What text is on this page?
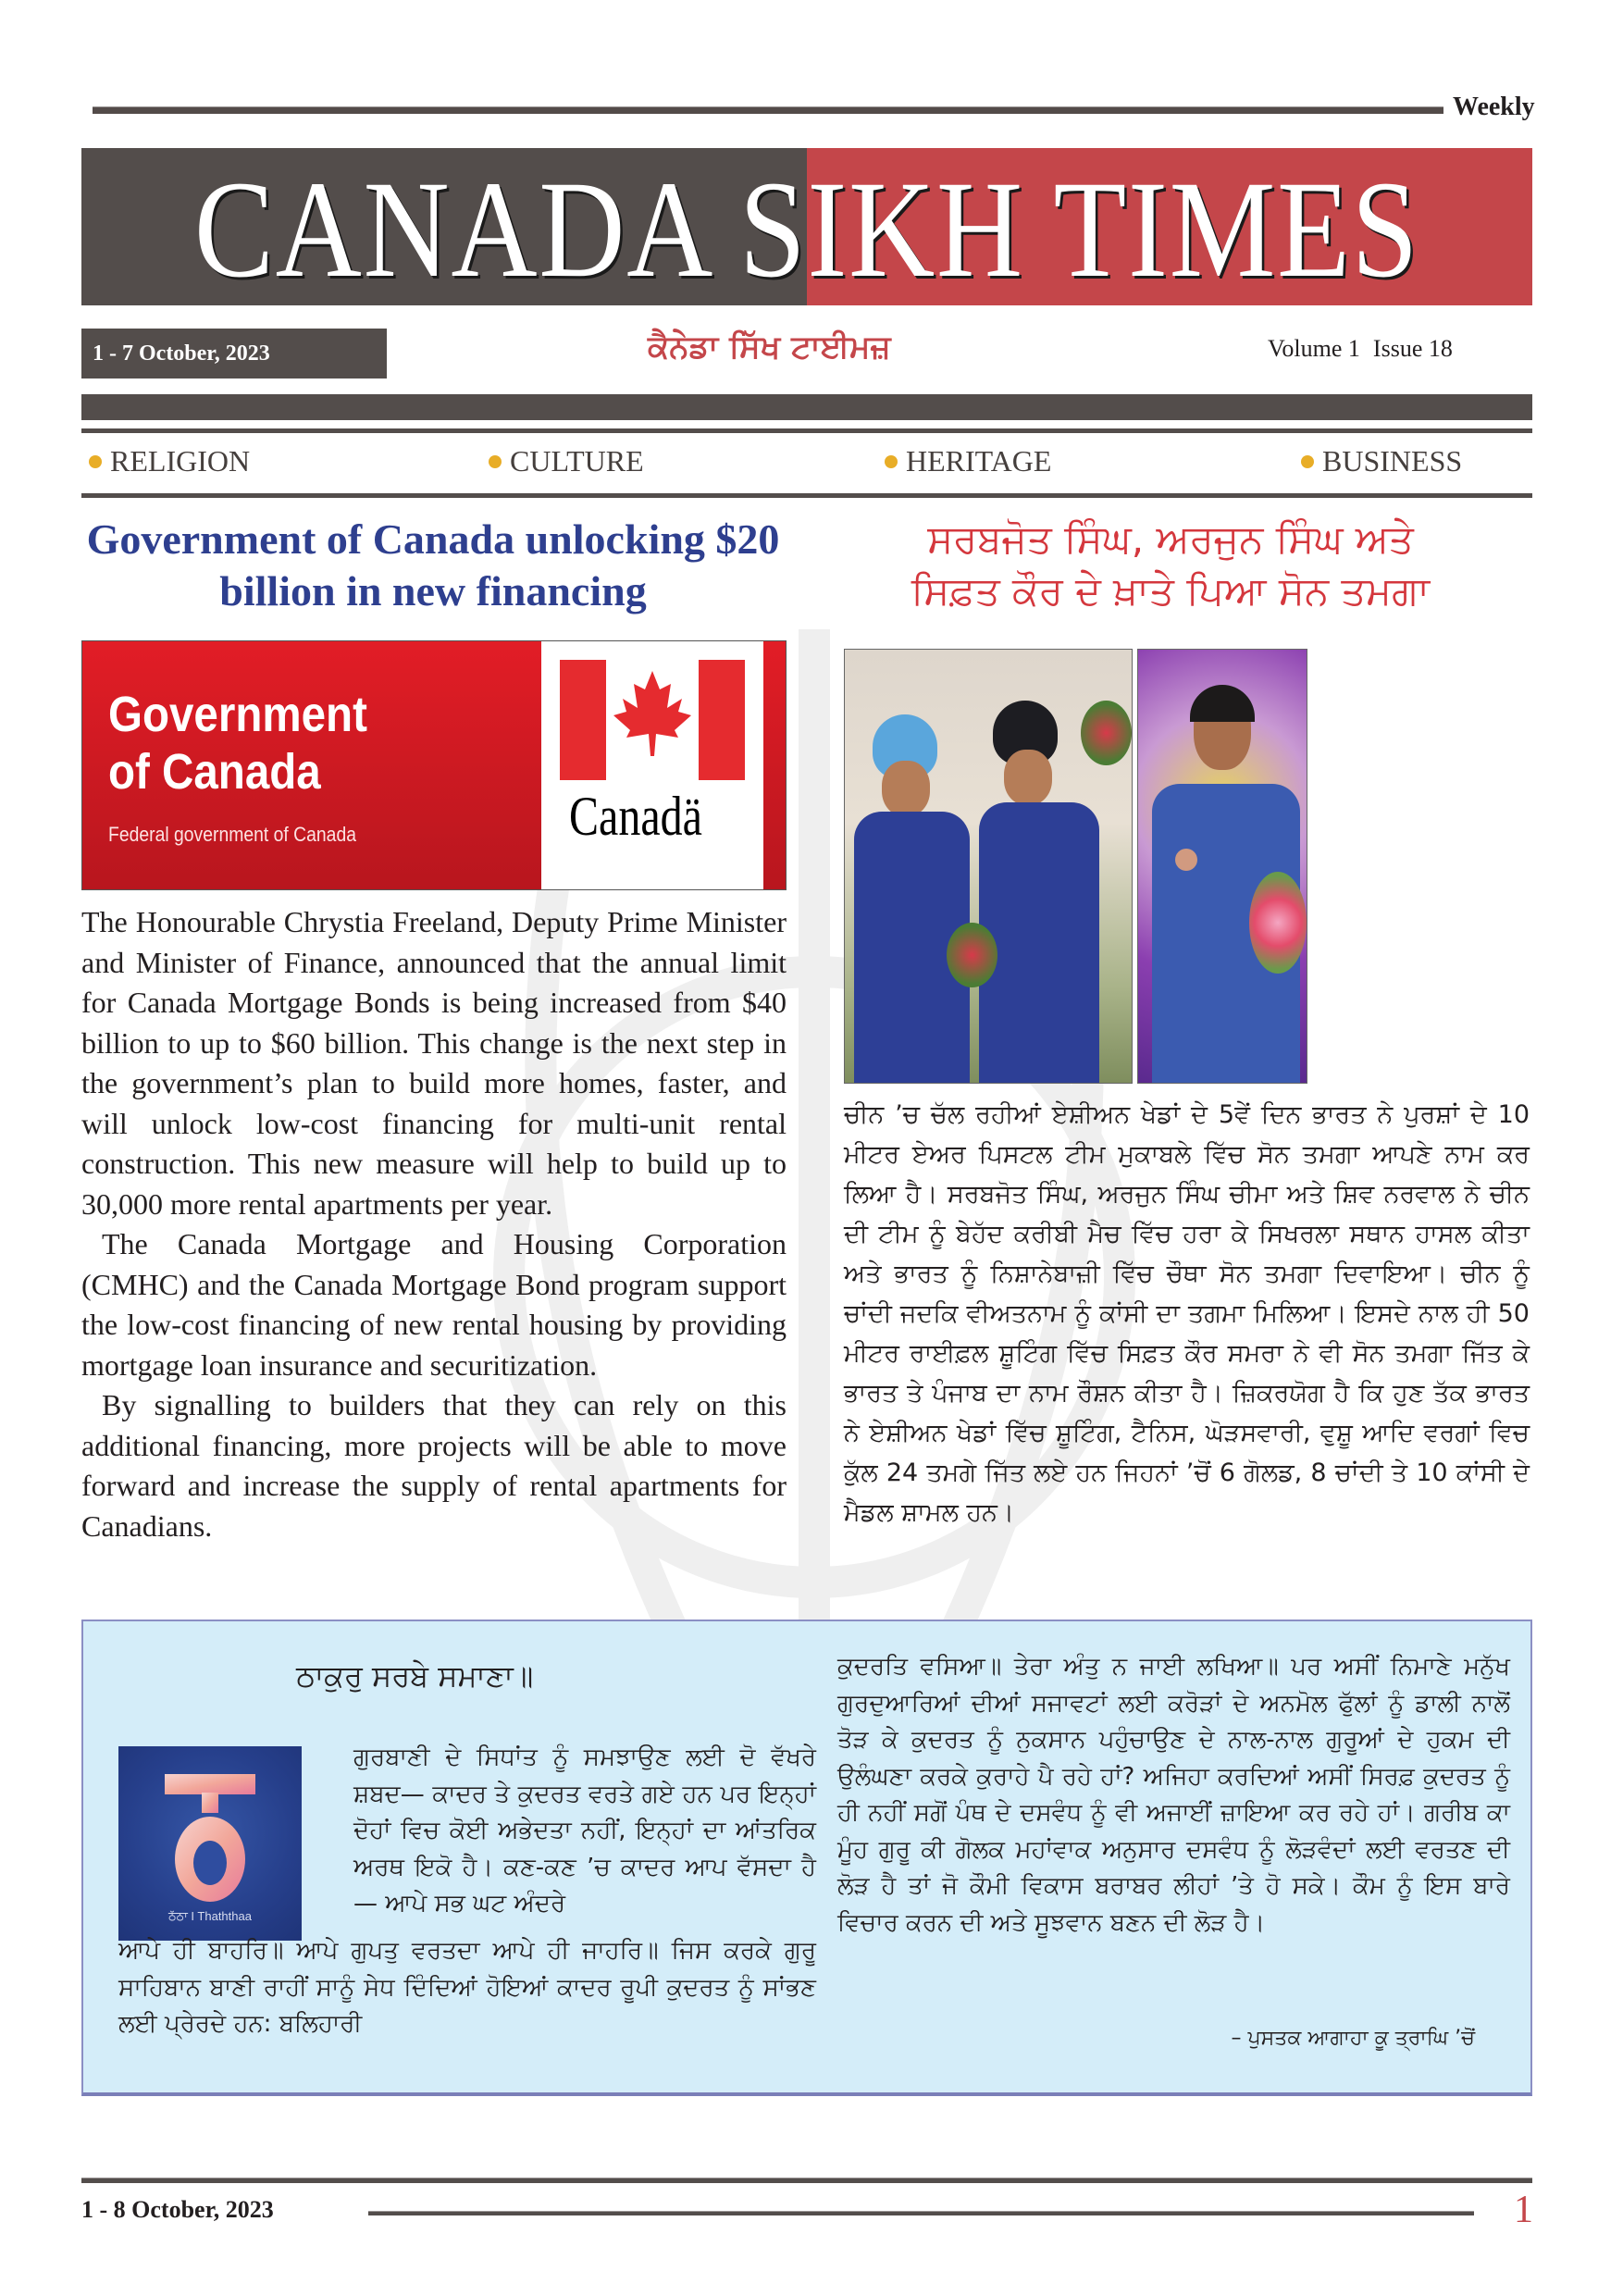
Weekly
CANADA SIKH TIMES
1 - 7 October, 2023	ਕੈਨੇਡਾ ਸਿੱਖ ਟਾਈਮਜ਼	Volume 1 Issue 18
RELIGION	CULTURE	HERITAGE	BUSINESS
Government of Canada unlocking $20 billion in new financing
Government of Canada
Federal government of Canada	Canadä

The Honourable Chrystia Freeland, Deputy Prime Minister and Minister of Finance, announced that the annual limit for Canada Mortgage Bonds is being increased from $40 billion to up to $60 billion. This change is the next step in the government’s plan to build more homes, faster, and will unlock low-cost financing for multi-unit rental construction. This new measure will help to build up to 30,000 more rental apartments per year.

The Canada Mortgage and Housing Corporation (CMHC) and the Canada Mortgage Bond program support the low-cost financing of new rental housing by providing mortgage loan insurance and securitization.

By signalling to builders that they can rely on this additional financing, more projects will be able to move forward and increase the supply of rental apartments for Canadians.

ਸਰਬਜੋਤ ਸਿੰਘ, ਅਰਜੁਨ ਸਿੰਘ ਅਤੇ
ਸਿਫ਼ਤ ਕੌਰ ਦੇ ਖ਼ਾਤੇ ਪਿਆ ਸੋਨ ਤਮਗਾ
ਚੀਨ ’ਚ ਚੱਲ ਰਹੀਆਂ ਏਸ਼ੀਅਨ ਖੇਡਾਂ ਦੇ 5ਵੇਂ ਦਿਨ ਭਾਰਤ ਨੇ ਪੁਰਸ਼ਾਂ ਦੇ 10 ਮੀਟਰ ਏਅਰ ਪਿਸਟਲ ਟੀਮ ਮੁਕਾਬਲੇ ਵਿੱਚ ਸੋਨ ਤਮਗਾ ਆਪਣੇ ਨਾਮ ਕਰ ਲਿਆ ਹੈ। ਸਰਬਜੋਤ ਸਿੰਘ, ਅਰਜੁਨ ਸਿੰਘ ਚੀਮਾ ਅਤੇ ਸ਼ਿਵ ਨਰਵਾਲ ਨੇ ਚੀਨ ਦੀ ਟੀਮ ਨੂੰ ਬੇਹੱਦ ਕਰੀਬੀ ਮੈਚ ਵਿੱਚ ਹਰਾ ਕੇ ਸਿਖਰਲਾ ਸਥਾਨ ਹਾਸਲ ਕੀਤਾ ਅਤੇ ਭਾਰਤ ਨੂੰ ਨਿਸ਼ਾਨੇਬਾਜ਼ੀ ਵਿੱਚ ਚੌਥਾ ਸੋਨ ਤਮਗਾ ਦਿਵਾਇਆ। ਚੀਨ ਨੂੰ ਚਾਂਦੀ ਜਦਕਿ ਵੀਅਤਨਾਮ ਨੂੰ ਕਾਂਸੀ ਦਾ ਤਗਮਾ ਮਿਲਿਆ। ਇਸਦੇ ਨਾਲ ਹੀ 50 ਮੀਟਰ ਰਾਈਫ਼ਲ ਸ਼ੂਟਿੰਗ ਵਿੱਚ ਸਿਫ਼ਤ ਕੌਰ ਸਮਰਾ ਨੇ ਵੀ ਸੋਨ ਤਮਗਾ ਜਿੱਤ ਕੇ ਭਾਰਤ ਤੇ ਪੰਜਾਬ ਦਾ ਨਾਮ ਰੌਸ਼ਨ ਕੀਤਾ ਹੈ। ਜ਼ਿਕਰਯੋਗ ਹੈ ਕਿ ਹੁਣ ਤੱਕ ਭਾਰਤ ਨੇ ਏਸ਼ੀਅਨ ਖੇਡਾਂ ਵਿੱਚ ਸ਼ੂਟਿੰਗ, ਟੈਨਿਸ, ਘੋੜਸਵਾਰੀ, ਵੁਸ਼ੂ ਆਦਿ ਵਰਗਾਂ ਵਿਚ ਕੁੱਲ 24 ਤਮਗੇ ਜਿੱਤ ਲਏ ਹਨ ਜਿਹਨਾਂ ’ਚੋਂ 6 ਗੋਲਡ, 8 ਚਾਂਦੀ ਤੇ 10 ਕਾਂਸੀ ਦੇ ਮੈਡਲ ਸ਼ਾਮਲ ਹਨ।
ਠਾਕੁਰੁ ਸਰਬੇ ਸਮਾਣਾ॥
ਠੱਠਾ I Thaththaa
ਗੁਰਬਾਣੀ ਦੇ ਸਿਧਾਂਤ ਨੂੰ ਸਮਝਾਉਣ ਲਈ ਦੋ ਵੱਖਰੇ ਸ਼ਬਦ— ਕਾਦਰ ਤੇ ਕੁਦਰਤ ਵਰਤੇ ਗਏ ਹਨ ਪਰ ਇਨ੍ਹਾਂ ਦੋਹਾਂ ਵਿਚ ਕੋਈ ਅਭੇਦਤਾ ਨਹੀਂ, ਇਨ੍ਹਾਂ ਦਾ ਆਂਤਰਿਕ ਅਰਥ ਇਕੋ ਹੈ। ਕਣ-ਕਣ ’ਚ ਕਾਦਰ ਆਪ ਵੱਸਦਾ ਹੈ— ਆਪੇ ਸਭ ਘਟ ਅੰਦਰੇ
ਆਪੇ ਹੀ ਬਾਹਰਿ॥ ਆਪੇ ਗੁਪਤੁ ਵਰਤਦਾ ਆਪੇ ਹੀ ਜਾਹਰਿ॥ ਜਿਸ ਕਰਕੇ ਗੁਰੂ ਸਾਹਿਬਾਨ ਬਾਣੀ ਰਾਹੀਂ ਸਾਨੂੰ ਸੇਧ ਦਿੰਦਿਆਂ ਹੋਇਆਂ ਕਾਦਰ ਰੂਪੀ ਕੁਦਰਤ ਨੂੰ ਸਾਂਭਣ ਲਈ ਪ੍ਰੇਰਦੇ ਹਨ: ਬਲਿਹਾਰੀ
ਕੁਦਰਤਿ ਵਸਿਆ॥ ਤੇਰਾ ਅੰਤੁ ਨ ਜਾਈ ਲਖਿਆ॥ ਪਰ ਅਸੀਂ ਨਿਮਾਣੇ ਮਨੁੱਖ ਗੁਰਦੁਆਰਿਆਂ ਦੀਆਂ ਸਜਾਵਟਾਂ ਲਈ ਕਰੋੜਾਂ ਦੇ ਅਨਮੋਲ ਫੁੱਲਾਂ ਨੂੰ ਡਾਲੀ ਨਾਲੋਂ ਤੋੜ ਕੇ ਕੁਦਰਤ ਨੂੰ ਨੁਕਸਾਨ ਪਹੁੰਚਾਉਣ ਦੇ ਨਾਲ-ਨਾਲ ਗੁਰੂਆਂ ਦੇ ਹੁਕਮ ਦੀ ਉਲੰਘਣਾ ਕਰਕੇ ਕੁਰਾਹੇ ਪੈ ਰਹੇ ਹਾਂ? ਅਜਿਹਾ ਕਰਦਿਆਂ ਅਸੀਂ ਸਿਰਫ਼ ਕੁਦਰਤ ਨੂੰ ਹੀ ਨਹੀਂ ਸਗੋਂ ਪੰਥ ਦੇ ਦਸਵੰਧ ਨੂੰ ਵੀ ਅਜਾਈਂ ਜ਼ਾਇਆ ਕਰ ਰਹੇ ਹਾਂ। ਗਰੀਬ ਕਾ ਮੂੰਹ ਗੁਰੂ ਕੀ ਗੋਲਕ ਮਹਾਂਵਾਕ ਅਨੁਸਾਰ ਦਸਵੰਧ ਨੂੰ ਲੋੜਵੰਦਾਂ ਲਈ ਵਰਤਣ ਦੀ ਲੋੜ ਹੈ ਤਾਂ ਜੋ ਕੌਮੀ ਵਿਕਾਸ ਬਰਾਬਰ ਲੀਹਾਂ ’ਤੇ ਹੋ ਸਕੇ। ਕੌਮ ਨੂੰ ਇਸ ਬਾਰੇ ਵਿਚਾਰ ਕਰਨ ਦੀ ਅਤੇ ਸੂਝਵਾਨ ਬਣਨ ਦੀ ਲੋੜ ਹੈ।
– ਪੁਸਤਕ ਆਗਾਹਾ ਕੂ ਤ੍ਰਾਘਿ ’ਚੋਂ
1 - 8 October, 2023	1
